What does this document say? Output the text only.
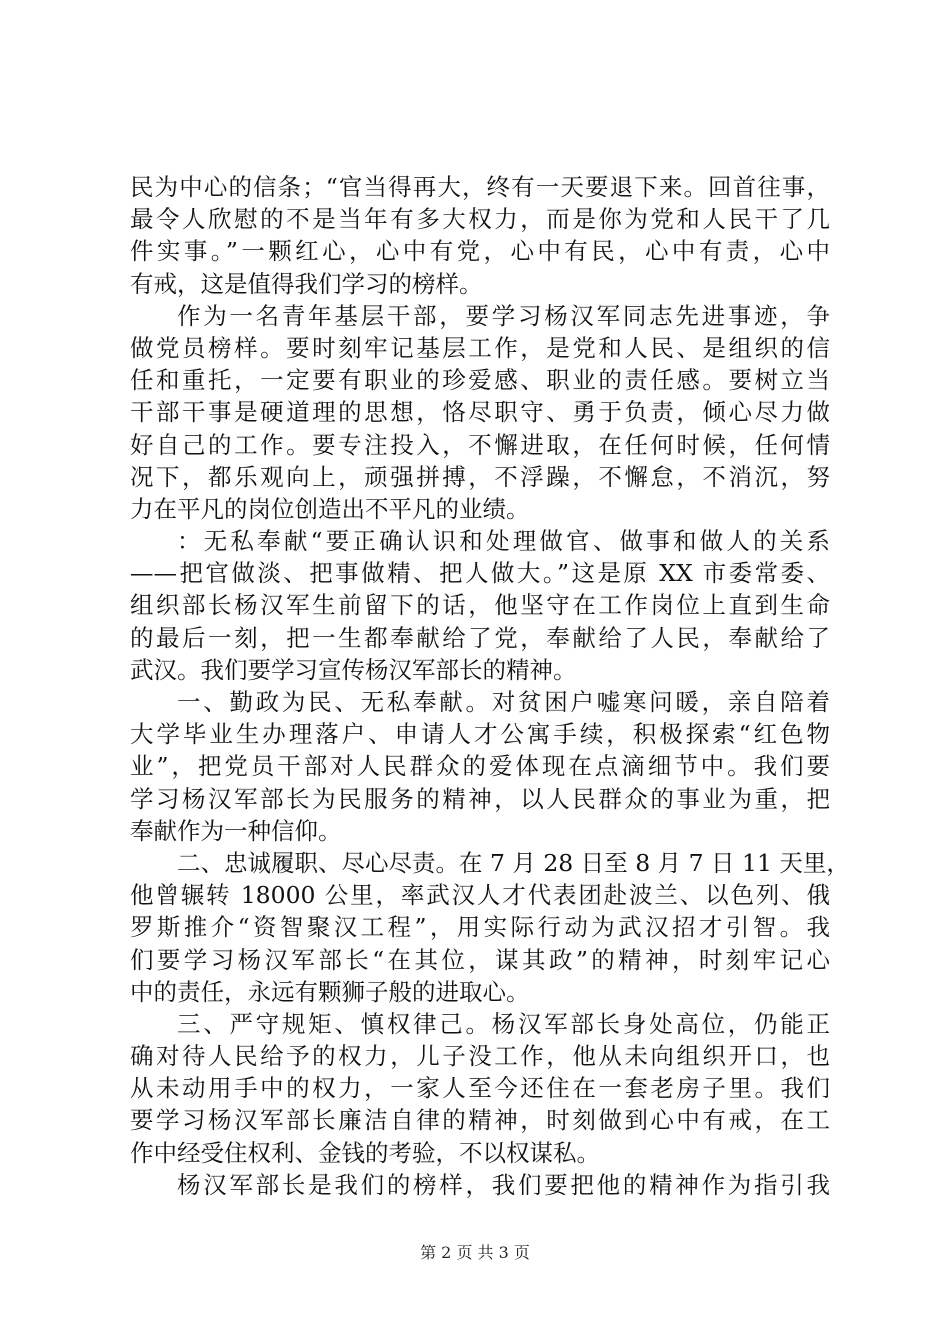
民为中心的信条；“官当得再大，终有一天要退下来。回首往事，
最令人欣慰的不是当年有多大权力，而是你为党和人民干了几
件实事。”一颗红心，心中有党，心中有民，心中有责，心中
有戒，这是值得我们学习的榜样。
作为一名青年基层干部，要学习杨汉军同志先进事迹，争
做党员榜样。要时刻牢记基层工作，是党和人民、是组织的信
任和重托，一定要有职业的珍爱感、职业的责任感。要树立当
干部干事是硬道理的思想，恪尽职守、勇于负责，倾心尽力做
好自己的工作。要专注投入，不懈进取，在任何时候，任何情
况下，都乐观向上，顽强拼搏，不浮躁，不懈怠，不消沉，努
力在平凡的岗位创造出不平凡的业绩。
：无私奉献“要正确认识和处理做官、做事和做人的关系
——把官做淡、把事做精、把人做大。”这是原 XX 市委常委、
组织部长杨汉军生前留下的话，他坚守在工作岗位上直到生命
的最后一刻，把一生都奉献给了党，奉献给了人民，奉献给了
武汉。我们要学习宣传杨汉军部长的精神。
一、勤政为民、无私奉献。对贫困户嘘寒问暖，亲自陪着
大学毕业生办理落户、申请人才公寓手续，积极探索“红色物
业”，把党员干部对人民群众的爱体现在点滴细节中。我们要
学习杨汉军部长为民服务的精神，以人民群众的事业为重，把
奉献作为一种信仰。
二、忠诚履职、尽心尽责。在 7 月 28 日至 8 月 7 日 11 天里，
他曾辗转 18000 公里，率武汉人才代表团赴波兰、以色列、俄
罗斯推介“资智聚汉工程”，用实际行动为武汉招才引智。我
们要学习杨汉军部长“在其位，谋其政”的精神，时刻牢记心
中的责任，永远有颗狮子般的进取心。
三、严守规矩、慎权律己。杨汉军部长身处高位，仍能正
确对待人民给予的权力，儿子没工作，他从未向组织开口，也
从未动用手中的权力，一家人至今还住在一套老房子里。我们
要学习杨汉军部长廉洁自律的精神，时刻做到心中有戒，在工
作中经受住权利、金钱的考验，不以权谋私。
杨汉军部长是我们的榜样，我们要把他的精神作为指引我
第 2 页 共 3 页
